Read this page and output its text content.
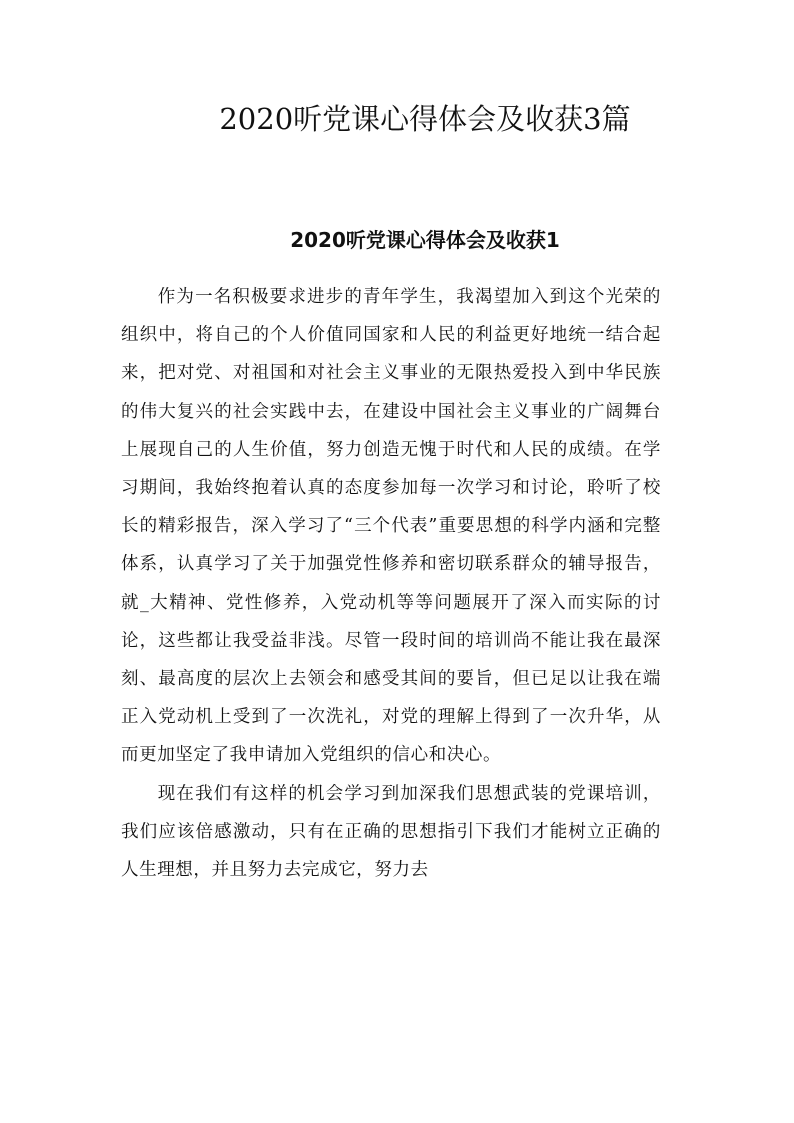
2020听党课心得体会及收获3篇
2020听党课心得体会及收获1

作为一名积极要求进步的青年学生，我渴望加入到这个光荣的组织中，将自己的个人价值同国家和人民的利益更好地统一结合起来，把对党、对祖国和对社会主义事业的无限热爱投入到中华民族的伟大复兴的社会实践中去，在建设中国社会主义事业的广阔舞台上展现自己的人生价值，努力创造无愧于时代和人民的成绩。在学习期间，我始终抱着认真的态度参加每一次学习和讨论，聆听了校长的精彩报告，深入学习了“三个代表”重要思想的科学内涵和完整体系，认真学习了关于加强党性修养和密切联系群众的辅导报告，就_大精神、党性修养，入党动机等等问题展开了深入而实际的讨论，这些都让我受益非浅。尽管一段时间的培训尚不能让我在最深刻、最高度的层次上去领会和感受其间的要旨，但已足以让我在端正入党动机上受到了一次洗礼，对党的理解上得到了一次升华，从而更加坚定了我申请加入党组织的信心和决心。

现在我们有这样的机会学习到加深我们思想武装的党课培训，我们应该倍感激动，只有在正确的思想指引下我们才能树立正确的人生理想，并且努力去完成它，努力去
